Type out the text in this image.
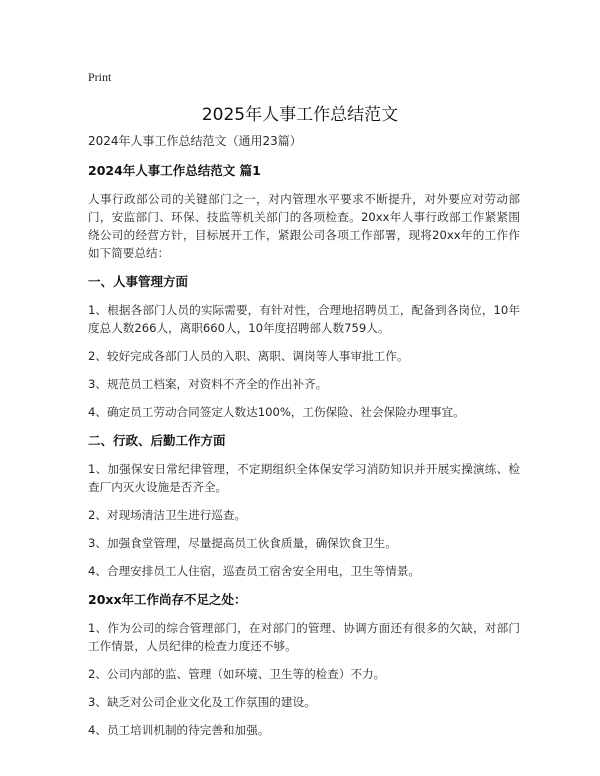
Print
2025年人事工作总结范文

2024年人事工作总结范文（通用23篇）

2024年人事工作总结范文 篇1

人事行政部公司的关键部门之一，对内管理水平要求不断提升，对外要应对劳动部门，安监部门、环保、技监等机关部门的各项检查。20xx年人事行政部工作紧紧围绕公司的经营方针，目标展开工作，紧跟公司各项工作部署，现将20xx年的工作作如下简要总结：

一、人事管理方面

1、根据各部门人员的实际需要，有针对性，合理地招聘员工，配备到各岗位，10年度总人数266人，离职660人，10年度招聘部人数759人。

2、较好完成各部门人员的入职、离职、调岗等人事审批工作。

3、规范员工档案，对资料不齐全的作出补齐。

4、确定员工劳动合同签定人数达100%，工伤保险、社会保险办理事宜。

二、行政、后勤工作方面

1、加强保安日常纪律管理，不定期组织全体保安学习消防知识并开展实操演练、检查厂内灭火设施是否齐全。

2、对现场清洁卫生进行巡查。

3、加强食堂管理，尽量提高员工伙食质量，确保饮食卫生。

4、合理安排员工人住宿，巡查员工宿舍安全用电，卫生等情景。

20xx年工作尚存不足之处：

1、作为公司的综合管理部门，在对部门的管理、协调方面还有很多的欠缺，对部门工作情景，人员纪律的检查力度还不够。

2、公司内部的监、管理（如环境、卫生等的检查）不力。

3、缺乏对公司企业文化及工作氛围的建设。

4、员工培训机制的待完善和加强。
